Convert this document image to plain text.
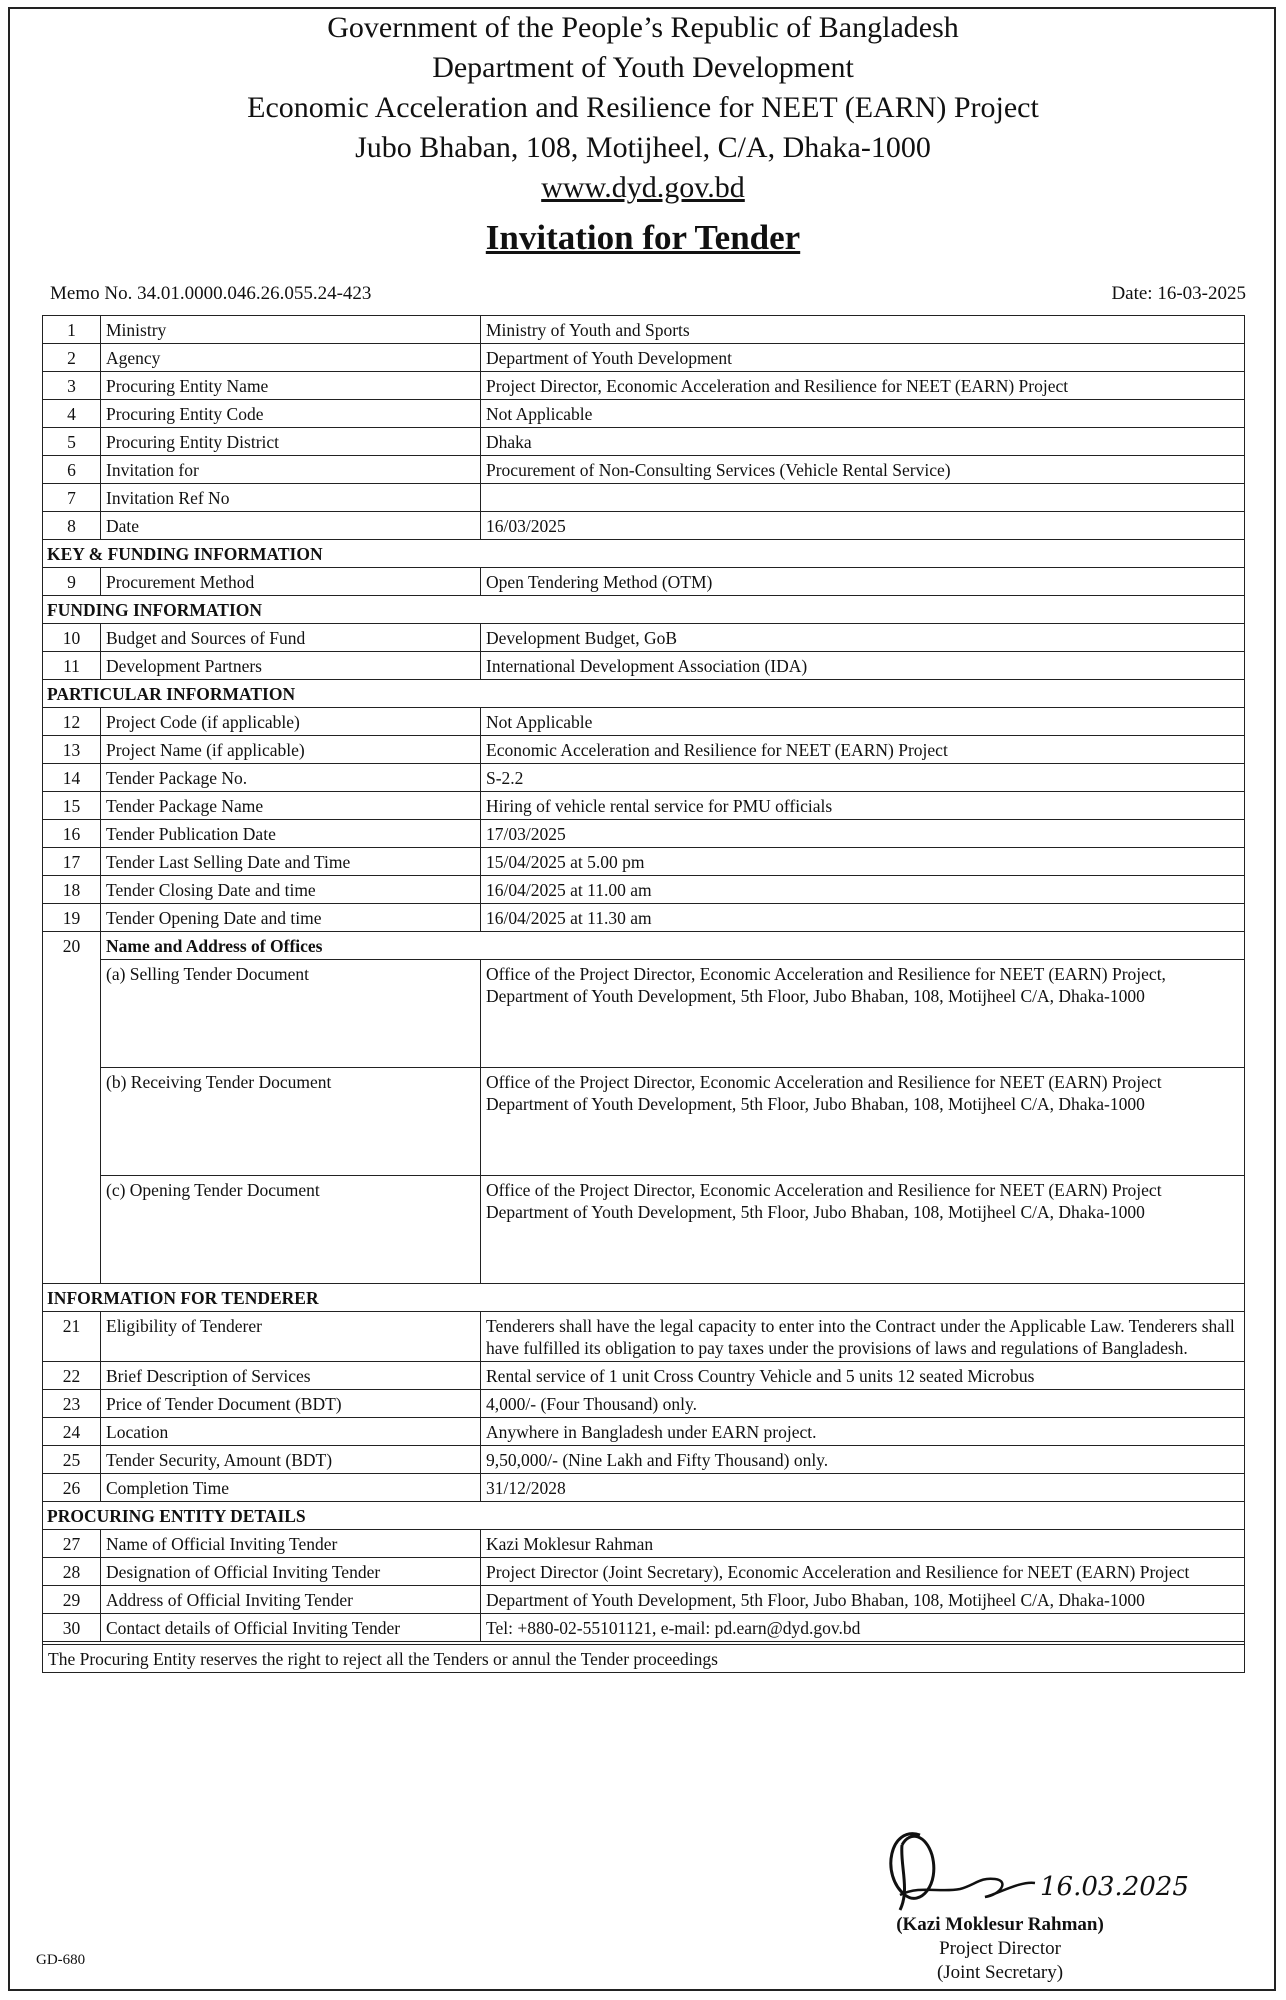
Government of the People’s Republic of Bangladesh
Department of Youth Development
Economic Acceleration and Resilience for NEET (EARN) Project
Jubo Bhaban, 108, Motijheel, C/A, Dhaka-1000
www.dyd.gov.bd
Invitation for Tender
Memo No. 34.01.0000.046.26.055.24-423	Date: 16-03-2025
1	Ministry	Ministry of Youth and Sports
2	Agency	Department of Youth Development
3	Procuring Entity Name	Project Director, Economic Acceleration and Resilience for NEET (EARN) Project
4	Procuring Entity Code	Not Applicable
5	Procuring Entity District	Dhaka
6	Invitation for	Procurement of Non-Consulting Services (Vehicle Rental Service)
7	Invitation Ref No	
8	Date	16/03/2025
KEY & FUNDING INFORMATION		
9	Procurement Method	Open Tendering Method (OTM)
FUNDING INFORMATION		
10	Budget and Sources of Fund	Development Budget, GoB
11	Development Partners	International Development Association (IDA)
PARTICULAR INFORMATION		
12	Project Code (if applicable)	Not Applicable
13	Project Name (if applicable)	Economic Acceleration and Resilience for NEET (EARN) Project
14	Tender Package No.	S-2.2
15	Tender Package Name	Hiring of vehicle rental service for PMU officials
16	Tender Publication Date	17/03/2025
17	Tender Last Selling Date and Time	15/04/2025 at 5.00 pm
18	Tender Closing Date and time	16/04/2025 at 11.00 am
19	Tender Opening Date and time	16/04/2025 at 11.30 am
20	Name and Address of Offices	
	(a) Selling Tender Document	Office of the Project Director, Economic Acceleration and Resilience for NEET (EARN) Project,
Department of Youth Development, 5th Floor, Jubo Bhaban, 108, Motijheel C/A, Dhaka-1000

	(b) Receiving Tender Document	Office of the Project Director, Economic Acceleration and Resilience for NEET (EARN) Project
Department of Youth Development, 5th Floor, Jubo Bhaban, 108, Motijheel C/A, Dhaka-1000

	(c) Opening Tender Document	Office of the Project Director, Economic Acceleration and Resilience for NEET (EARN) Project
Department of Youth Development, 5th Floor, Jubo Bhaban, 108, Motijheel C/A, Dhaka-1000

INFORMATION FOR TENDERER		
21	Eligibility of Tenderer	Tenderers shall have the legal capacity to enter into the Contract under the Applicable Law. Tenderers shall have fulfilled its obligation to pay taxes under the provisions of laws and regulations of Bangladesh.
22	Brief Description of Services	Rental service of 1 unit Cross Country Vehicle and 5 units 12 seated Microbus
23	Price of Tender Document (BDT)	4,000/- (Four Thousand) only.
24	Location	Anywhere in Bangladesh under EARN project.
25	Tender Security, Amount (BDT)	9,50,000/- (Nine Lakh and Fifty Thousand) only.
26	Completion Time	31/12/2028
PROCURING ENTITY DETAILS		
27	Name of Official Inviting Tender	Kazi Moklesur Rahman
28	Designation of Official Inviting Tender	Project Director (Joint Secretary), Economic Acceleration and Resilience for NEET (EARN) Project
29	Address of Official Inviting Tender	Department of Youth Development, 5th Floor, Jubo Bhaban, 108, Motijheel C/A, Dhaka-1000
30	Contact details of Official Inviting Tender	Tel: +880-02-55101121, e-mail: pd.earn@dyd.gov.bd

The Procuring Entity reserves the right to reject all the Tenders or annul the Tender proceedings		
16.03.2025
(Kazi Moklesur Rahman)
Project Director
(Joint Secretary)
GD-680
